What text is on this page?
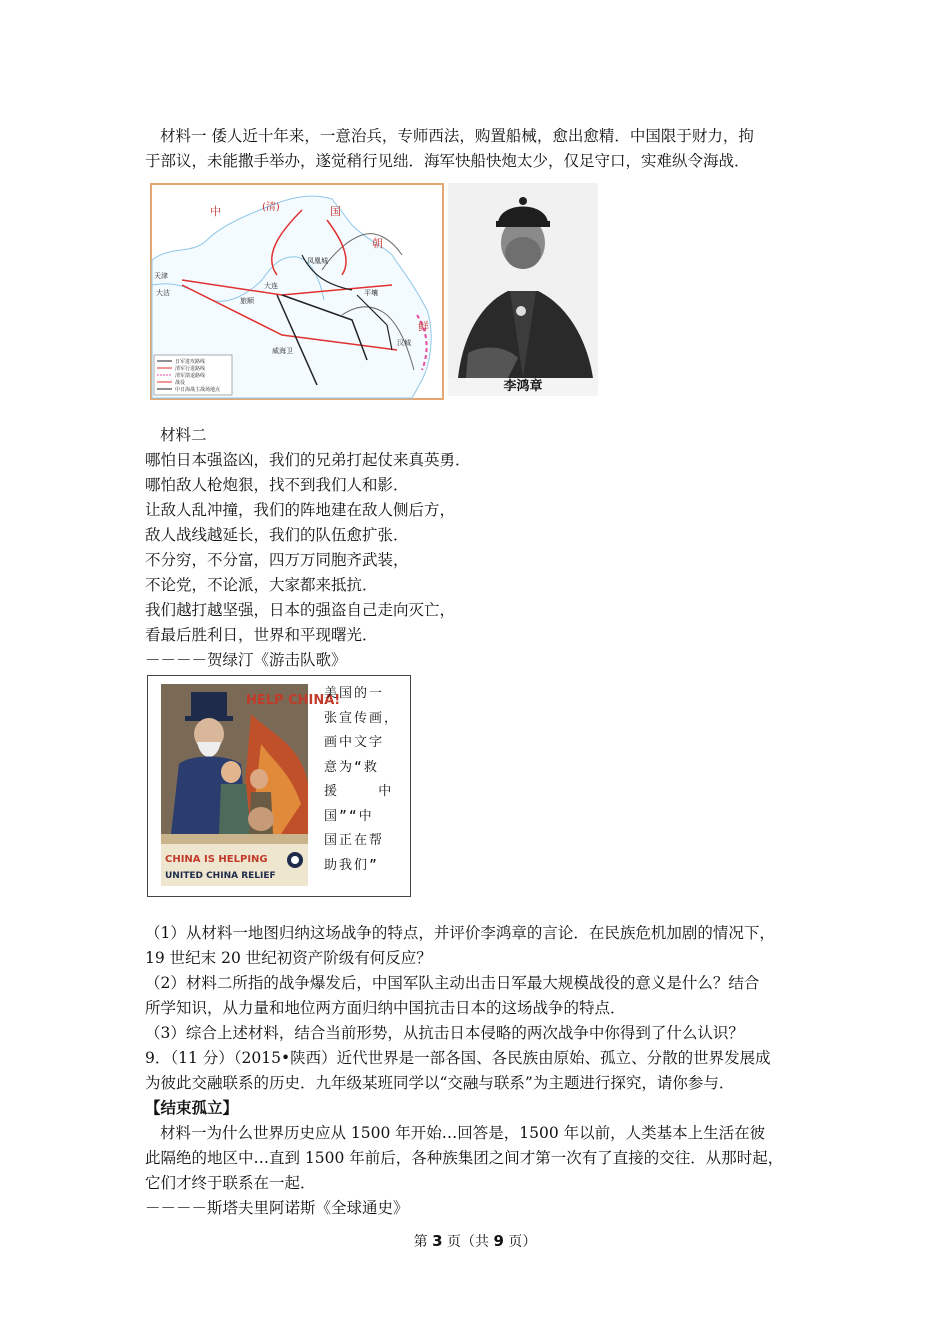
材料一 倭人近十年来，一意治兵，专师西法，购置船械，愈出愈精．中国限于财力，拘
于部议，未能撒手举办，遂觉稍行见绌．海军快船快炮太少，仅足守口，实难纵令海战．
中	(清)	国
朝
鲜
天津
大沽
旅顺
威海卫
大连
凤凰城
平壤
汉城
日军进攻路线
清军行进路线
清军溃退路线
战役
中日海战主战场地点	李鸿章
材料二
哪怕日本强盗凶，我们的兄弟打起仗来真英勇．
哪怕敌人枪炮狠，找不到我们人和影．
让敌人乱冲撞，我们的阵地建在敌人侧后方，
敌人战线越延长，我们的队伍愈扩张．
不分穷，不分富，四万万同胞齐武装，
不论党，不论派，大家都来抵抗．
我们越打越坚强，日本的强盗自己走向灭亡，
看最后胜利日，世界和平现曙光．
－－－－贺绿汀《游击队歌》
HELP CHINA!
CHINA IS HELPING
UNITED CHINA RELIEF
美国的一
张宣传画，
画中文字
意为“救
援    中
国”“中
国正在帮
助我们”
（1）从材料一地图归纳这场战争的特点，并评价李鸿章的言论．在民族危机加剧的情况下，
19 世纪末 20 世纪初资产阶级有何反应？
（2）材料二所指的战争爆发后，中国军队主动出击日军最大规模战役的意义是什么？结合
所学知识，从力量和地位两方面归纳中国抗击日本的这场战争的特点．
（3）综合上述材料，结合当前形势，从抗击日本侵略的两次战争中你得到了什么认识？
9．（11 分）（2015•陕西）近代世界是一部各国、各民族由原始、孤立、分散的世界发展成
为彼此交融联系的历史．九年级某班同学以“交融与联系”为主题进行探究，请你参与．
【结束孤立】
材料一为什么世界历史应从 1500 年开始…回答是，1500 年以前，人类基本上生活在彼
此隔绝的地区中…直到 1500 年前后，各种族集团之间才第一次有了直接的交往．从那时起，
它们才终于联系在一起．
－－－－斯塔夫里阿诺斯《全球通史》
第 3 页（共 9 页）
